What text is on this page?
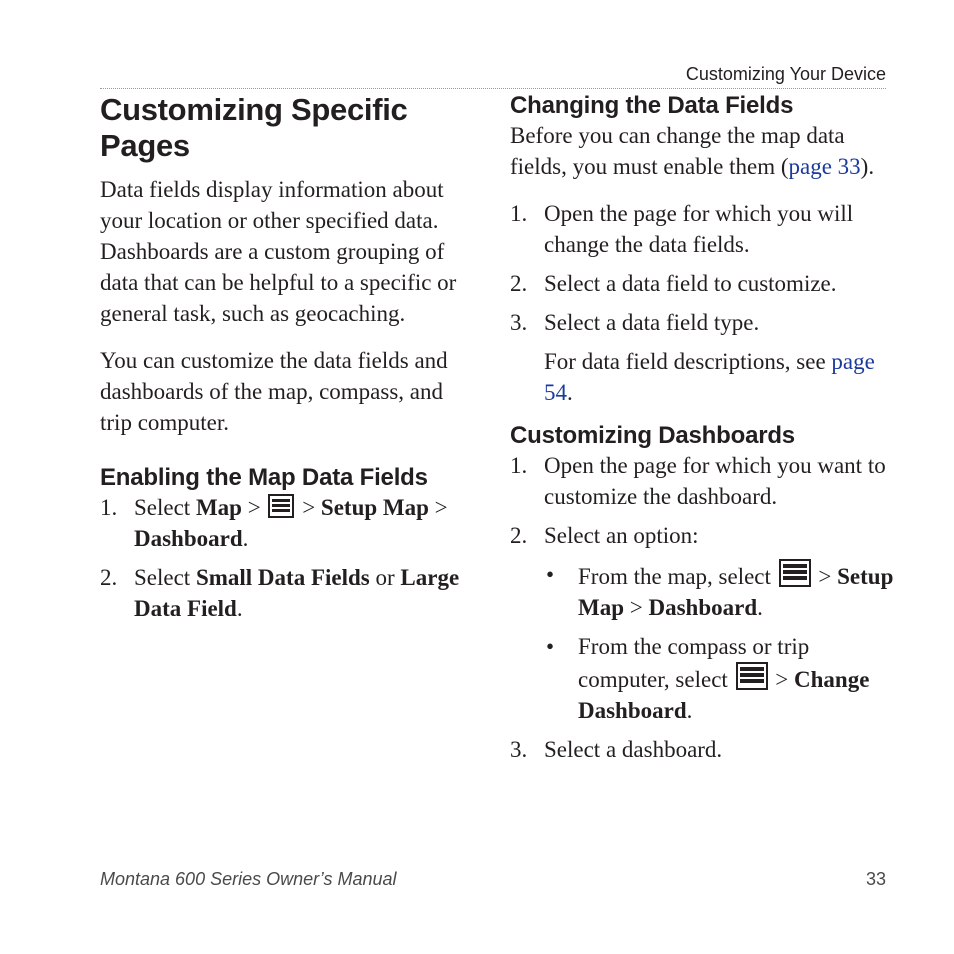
Customizing Your Device
Customizing Specific Pages

Data fields display information about your location or other specified data. Dashboards are a custom grouping of data that can be helpful to a specific or general task, such as geocaching.

You can customize the data fields and dashboards of the map, compass, and trip computer.

Enabling the Map Data Fields
1. Select Map >  > Setup Map > Dashboard.
2. Select Small Data Fields or Large Data Field.
Changing the Data Fields

Before you can change the map data fields, you must enable them (page 33).

1. Open the page for which you will change the data fields.
2. Select a data field to customize.
3. Select a data field type.

For data field descriptions, see page 54.

Customizing Dashboards
1. Open the page for which you want to customize the dashboard.
2. Select an option:
• From the map, select  > Setup Map > Dashboard.
• From the compass or trip computer, select  > Change Dashboard.
3. Select a dashboard.
Montana 600 Series Owner’s Manual	33
